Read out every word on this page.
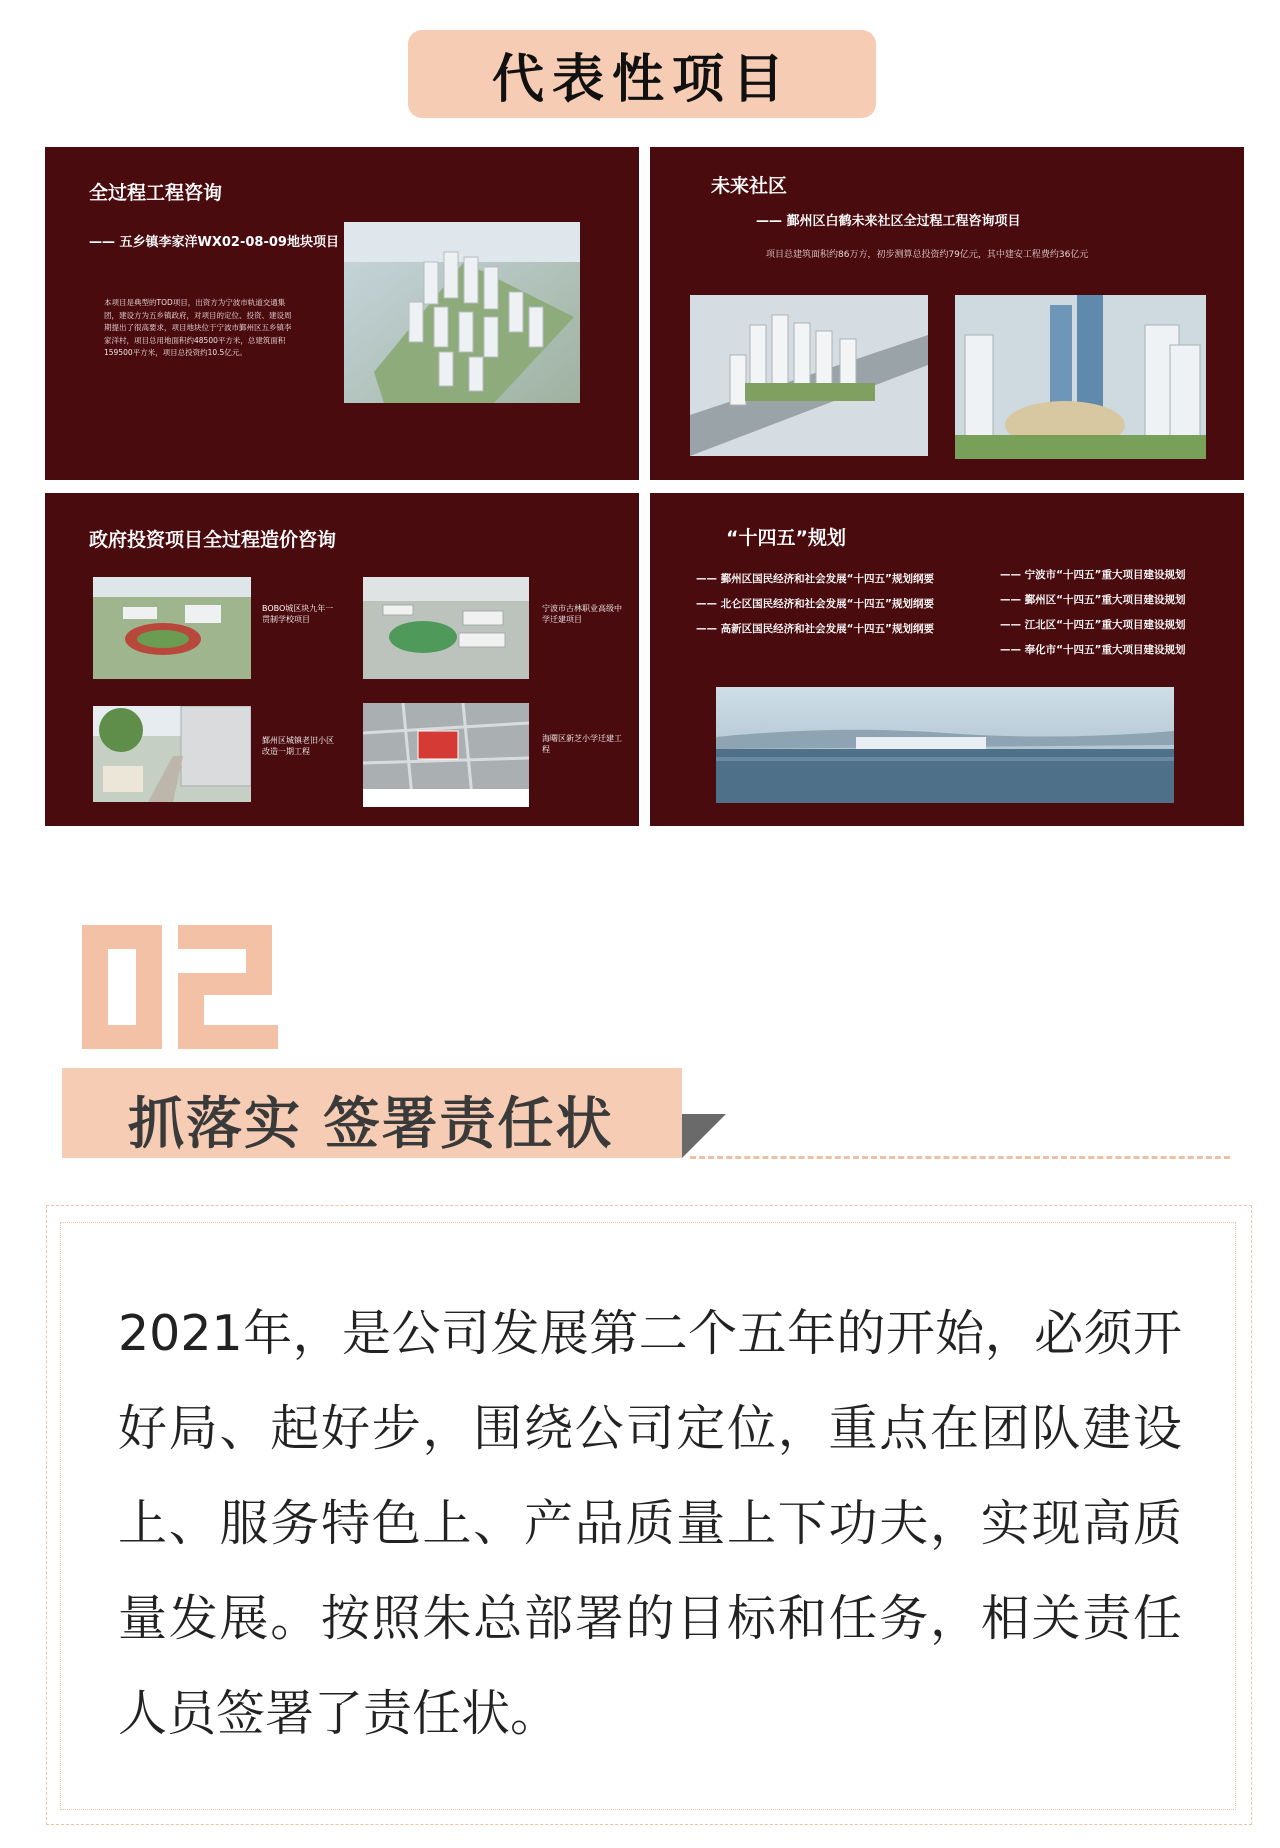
代表性项目
全过程工程咨询
—— 五乡镇李家洋WX02-08-09地块项目
本项目是典型的TOD项目，出资方为宁波市轨道交通集团，建设方为五乡镇政府，对项目的定位、投资、建设周期提出了很高要求，项目地块位于宁波市鄞州区五乡镇李家洋村，项目总用地面积约48500平方米，总建筑面积159500平方米，项目总投资约10.5亿元。
未来社区
—— 鄞州区白鹤未来社区全过程工程咨询项目
项目总建筑面积约86万方，初步测算总投资约79亿元，其中建安工程费约36亿元
政府投资项目全过程造价咨询
BOBO城区块九年一贯制学校项目
宁波市古林职业高级中学迁建项目
鄞州区城镇老旧小区改造一期工程
海曙区新芝小学迁建工程
“十四五”规划
—— 鄞州区国民经济和社会发展“十四五”规划纲要
—— 北仑区国民经济和社会发展“十四五”规划纲要
—— 高新区国民经济和社会发展“十四五”规划纲要
—— 宁波市“十四五”重大项目建设规划
—— 鄞州区“十四五”重大项目建设规划
—— 江北区“十四五”重大项目建设规划
—— 奉化市“十四五”重大项目建设规划
抓落实 签署责任状
2021年，是公司发展第二个五年的开始，必须开好局、起好步，围绕公司定位，重点在团队建设上、服务特色上、产品质量上下功夫，实现高质量发展。按照朱总部署的目标和任务，相关责任人员签署了责任状。
